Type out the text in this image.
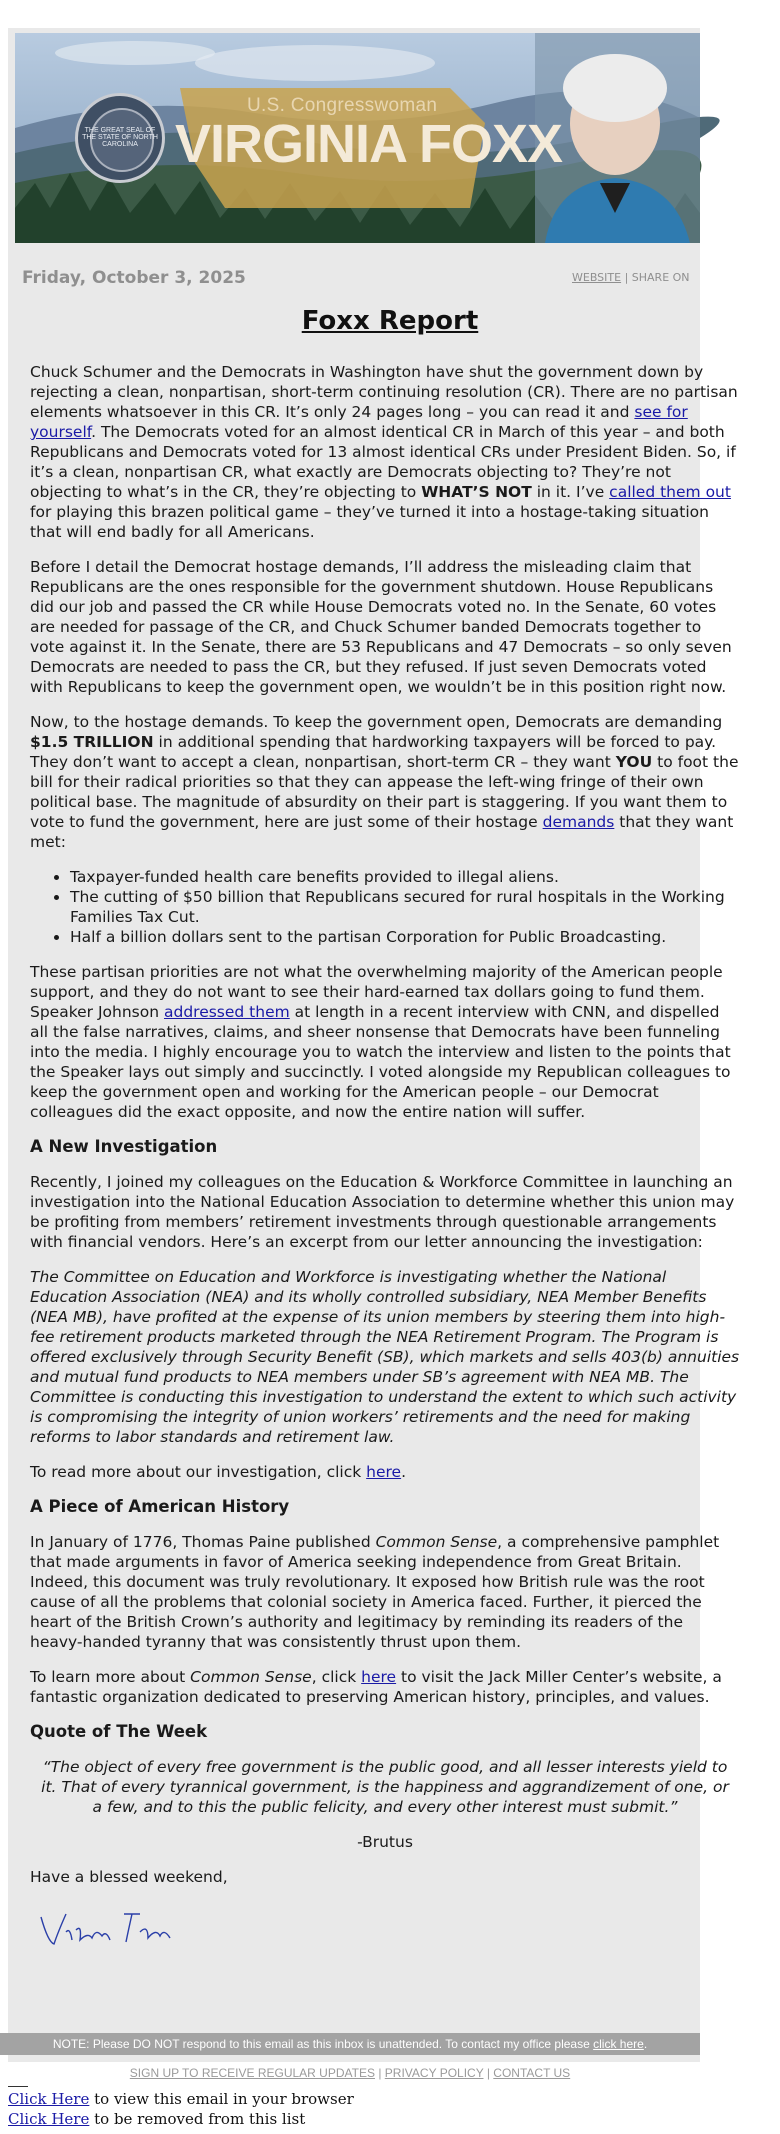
THE GREAT SEAL OF THE STATE OF NORTH CAROLINA
U.S. Congresswoman
VIRGINIA FOXX
Friday, October 3, 2025	WEBSITE | SHARE ON
Foxx Report

Chuck Schumer and the Democrats in Washington have shut the government down by rejecting a clean, nonpartisan, short-term continuing resolution (CR). There are no partisan elements whatsoever in this CR. It’s only 24 pages long – you can read it and see for yourself. The Democrats voted for an almost identical CR in March of this year – and both Republicans and Democrats voted for 13 almost identical CRs under President Biden. So, if it’s a clean, nonpartisan CR, what exactly are Democrats objecting to? They’re not objecting to what’s in the CR, they’re objecting to WHAT’S NOT in it. I’ve called them out for playing this brazen political game – they’ve turned it into a hostage-taking situation that will end badly for all Americans.

Before I detail the Democrat hostage demands, I’ll address the misleading claim that Republicans are the ones responsible for the government shutdown. House Republicans did our job and passed the CR while House Democrats voted no. In the Senate, 60 votes are needed for passage of the CR, and Chuck Schumer banded Democrats together to vote against it. In the Senate, there are 53 Republicans and 47 Democrats – so only seven Democrats are needed to pass the CR, but they refused. If just seven Democrats voted with Republicans to keep the government open, we wouldn’t be in this position right now.

Now, to the hostage demands. To keep the government open, Democrats are demanding $1.5 TRILLION in additional spending that hardworking taxpayers will be forced to pay. They don’t want to accept a clean, nonpartisan, short-term CR – they want YOU to foot the bill for their radical priorities so that they can appease the left-wing fringe of their own political base. The magnitude of absurdity on their part is staggering. If you want them to vote to fund the government, here are just some of their hostage demands that they want met:

• Taxpayer-funded health care benefits provided to illegal aliens.
• The cutting of $50 billion that Republicans secured for rural hospitals in the Working Families Tax Cut.
• Half a billion dollars sent to the partisan Corporation for Public Broadcasting.

These partisan priorities are not what the overwhelming majority of the American people support, and they do not want to see their hard-earned tax dollars going to fund them. Speaker Johnson addressed them at length in a recent interview with CNN, and dispelled all the false narratives, claims, and sheer nonsense that Democrats have been funneling into the media. I highly encourage you to watch the interview and listen to the points that the Speaker lays out simply and succinctly. I voted alongside my Republican colleagues to keep the government open and working for the American people – our Democrat colleagues did the exact opposite, and now the entire nation will suffer.

A New Investigation

Recently, I joined my colleagues on the Education & Workforce Committee in launching an investigation into the National Education Association to determine whether this union may be profiting from members’ retirement investments through questionable arrangements with financial vendors. Here’s an excerpt from our letter announcing the investigation:

The Committee on Education and Workforce is investigating whether the National Education Association (NEA) and its wholly controlled subsidiary, NEA Member Benefits (NEA MB), have profited at the expense of its union members by steering them into high-fee retirement products marketed through the NEA Retirement Program. The Program is offered exclusively through Security Benefit (SB), which markets and sells 403(b) annuities and mutual fund products to NEA members under SB’s agreement with NEA MB. The Committee is conducting this investigation to understand the extent to which such activity is compromising the integrity of union workers’ retirements and the need for making reforms to labor standards and retirement law.

To read more about our investigation, click here.

A Piece of American History

In January of 1776, Thomas Paine published Common Sense, a comprehensive pamphlet that made arguments in favor of America seeking independence from Great Britain. Indeed, this document was truly revolutionary. It exposed how British rule was the root cause of all the problems that colonial society in America faced. Further, it pierced the heart of the British Crown’s authority and legitimacy by reminding its readers of the heavy-handed tyranny that was consistently thrust upon them.

To learn more about Common Sense, click here to visit the Jack Miller Center’s website, a fantastic organization dedicated to preserving American history, principles, and values.

Quote of The Week

“The object of every free government is the public good, and all lesser interests yield to it. That of every tyrannical government, is the happiness and aggrandizement of one, or a few, and to this the public felicity, and every other interest must submit.”

-Brutus

Have a blessed weekend,

NOTE: Please DO NOT respond to this email as this inbox is unattended. To contact my office please click here.
SIGN UP TO RECEIVE REGULAR UPDATES | PRIVACY POLICY | CONTACT US
Click Here to view this email in your browser
Click Here to be removed from this list
